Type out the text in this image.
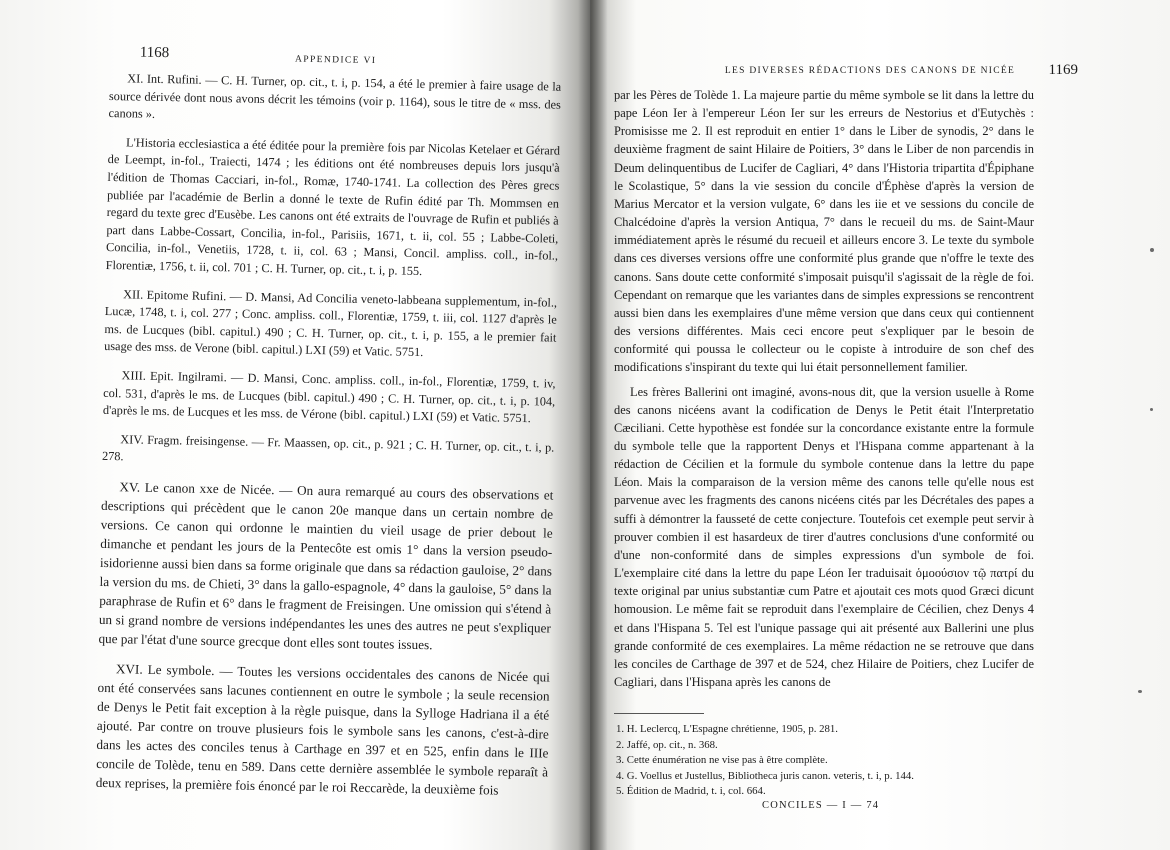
1168	APPENDICE VI

XI. Int. Rufini. — C. H. Turner, op. cit., t. i, p. 154, a été le premier à faire usage de la source dérivée dont nous avons décrit les témoins (voir p. 1164), sous le titre de « mss. des canons ».

L'Historia ecclesiastica a été éditée pour la première fois par Nicolas Ketelaer et Gérard de Leempt, in-fol., Traiecti, 1474 ; les éditions ont été nombreuses depuis lors jusqu'à l'édition de Thomas Cacciari, in-fol., Romæ, 1740-1741. La collection des Pères grecs publiée par l'académie de Berlin a donné le texte de Rufin édité par Th. Mommsen en regard du texte grec d'Eusèbe. Les canons ont été extraits de l'ouvrage de Rufin et publiés à part dans Labbe-Cossart, Concilia, in-fol., Parisiis, 1671, t. ii, col. 55 ; Labbe-Coleti, Concilia, in-fol., Venetiis, 1728, t. ii, col. 63 ; Mansi, Concil. ampliss. coll., in-fol., Florentiæ, 1756, t. ii, col. 701 ; C. H. Turner, op. cit., t. i, p. 155.

XII. Epitome Rufini. — D. Mansi, Ad Concilia veneto-labbeana supplementum, in-fol., Lucæ, 1748, t. i, col. 277 ; Conc. ampliss. coll., Florentiæ, 1759, t. iii, col. 1127 d'après le ms. de Lucques (bibl. capitul.) 490 ; C. H. Turner, op. cit., t. i, p. 155, a le premier fait usage des mss. de Verone (bibl. capitul.) LXI (59) et Vatic. 5751.

XIII. Epit. Ingilrami. — D. Mansi, Conc. ampliss. coll., in-fol., Florentiæ, 1759, t. iv, col. 531, d'après le ms. de Lucques (bibl. capitul.) 490 ; C. H. Turner, op. cit., t. i, p. 104, d'après le ms. de Lucques et les mss. de Vérone (bibl. capitul.) LXI (59) et Vatic. 5751.

XIV. Fragm. freisingense. — Fr. Maassen, op. cit., p. 921 ; C. H. Turner, op. cit., t. i, p. 278.

XV. Le canon xxe de Nicée. — On aura remarqué au cours des observations et descriptions qui précèdent que le canon 20e manque dans un certain nombre de versions. Ce canon qui ordonne le maintien du vieil usage de prier debout le dimanche et pendant les jours de la Pentecôte est omis 1° dans la version pseudo-isidorienne aussi bien dans sa forme originale que dans sa rédaction gauloise, 2° dans la version du ms. de Chieti, 3° dans la gallo-espagnole, 4° dans la gauloise, 5° dans la paraphrase de Rufin et 6° dans le fragment de Freisingen. Une omission qui s'étend à un si grand nombre de versions indépendantes les unes des autres ne peut s'expliquer que par l'état d'une source grecque dont elles sont toutes issues.

XVI. Le symbole. — Toutes les versions occidentales des canons de Nicée qui ont été conservées sans lacunes contiennent en outre le symbole ; la seule recension de Denys le Petit fait exception à la règle puisque, dans la Sylloge Hadriana il a été ajouté. Par contre on trouve plusieurs fois le symbole sans les canons, c'est-à-dire dans les actes des conciles tenus à Carthage en 397 et en 525, enfin dans le IIIe concile de Tolède, tenu en 589. Dans cette dernière assemblée le symbole reparaît à deux reprises, la première fois énoncé par le roi Reccarède, la deuxième fois

LES DIVERSES RÉDACTIONS DES CANONS DE NICÉE	1169

par les Pères de Tolède 1. La majeure partie du même symbole se lit dans la lettre du pape Léon Ier à l'empereur Léon Ier sur les erreurs de Nestorius et d'Eutychès : Promisisse me 2. Il est reproduit en entier 1° dans le Liber de synodis, 2° dans le deuxième fragment de saint Hilaire de Poitiers, 3° dans le Liber de non parcendis in Deum delinquentibus de Lucifer de Cagliari, 4° dans l'Historia tripartita d'Épiphane le Scolastique, 5° dans la vie session du concile d'Éphèse d'après la version de Marius Mercator et la version vulgate, 6° dans les iie et ve sessions du concile de Chalcédoine d'après la version Antiqua, 7° dans le recueil du ms. de Saint-Maur immédiatement après le résumé du recueil et ailleurs encore 3. Le texte du symbole dans ces diverses versions offre une conformité plus grande que n'offre le texte des canons. Sans doute cette conformité s'imposait puisqu'il s'agissait de la règle de foi. Cependant on remarque que les variantes dans de simples expressions se rencontrent aussi bien dans les exemplaires d'une même version que dans ceux qui contiennent des versions différentes. Mais ceci encore peut s'expliquer par le besoin de conformité qui poussa le collecteur ou le copiste à introduire de son chef des modifications s'inspirant du texte qui lui était personnellement familier.

Les frères Ballerini ont imaginé, avons-nous dit, que la version usuelle à Rome des canons nicéens avant la codification de Denys le Petit était l'Interpretatio Cæciliani. Cette hypothèse est fondée sur la concordance existante entre la formule du symbole telle que la rapportent Denys et l'Hispana comme appartenant à la rédaction de Cécilien et la formule du symbole contenue dans la lettre du pape Léon. Mais la comparaison de la version même des canons telle qu'elle nous est parvenue avec les fragments des canons nicéens cités par les Décrétales des papes a suffi à démontrer la fausseté de cette conjecture. Toutefois cet exemple peut servir à prouver combien il est hasardeux de tirer d'autres conclusions d'une conformité ou d'une non-conformité dans de simples expressions d'un symbole de foi. L'exemplaire cité dans la lettre du pape Léon Ier traduisait ὁμοούσιον τῷ πατρί du texte original par unius substantiæ cum Patre et ajoutait ces mots quod Græci dicunt homousion. Le même fait se reproduit dans l'exemplaire de Cécilien, chez Denys 4 et dans l'Hispana 5. Tel est l'unique passage qui ait présenté aux Ballerini une plus grande conformité de ces exemplaires. La même rédaction ne se retrouve que dans les conciles de Carthage de 397 et de 524, chez Hilaire de Poitiers, chez Lucifer de Cagliari, dans l'Hispana après les canons de

1. H. Leclercq, L'Espagne chrétienne, 1905, p. 281.

2. Jaffé, op. cit., n. 368.

3. Cette énumération ne vise pas à être complète.

4. G. Voellus et Justellus, Bibliotheca juris canon. veteris, t. i, p. 144.

5. Édition de Madrid, t. i, col. 664.

CONCILES — I — 74
